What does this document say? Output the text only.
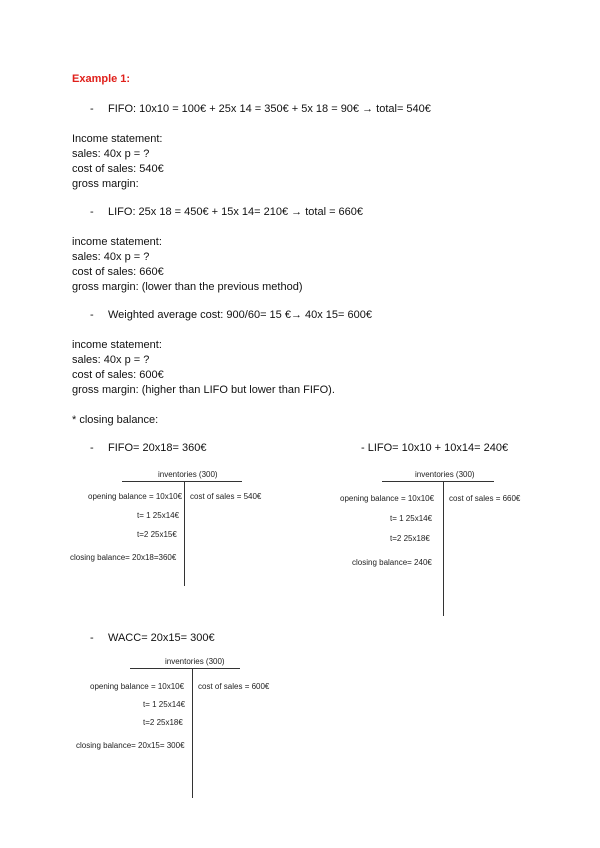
Example 1:
- FIFO: 10x10 = 100€ + 25x 14 = 350€ + 5x 18 = 90€ → total= 540€
Income statement:
sales: 40x p = ?
cost of sales: 540€
gross margin:
- LIFO: 25x 18 = 450€ + 15x 14= 210€ → total = 660€
income statement:
sales: 40x p = ?
cost of sales: 660€
gross margin: (lower than the previous method)
- Weighted average cost: 900/60= 15 €→ 40x 15= 600€
income statement:
sales: 40x p = ?
cost of sales: 600€
gross margin: (higher than LIFO but lower than FIFO).
* closing balance:
- FIFO= 20x18= 360€	- LIFO= 10x10 + 10x14= 240€
inventories (300)
opening balance = 10x10€ cost of sales = 540€
t= 1 25x14€
t=2 25x15€
closing balance= 20x18=360€
inventories (300)
opening balance = 10x10€ cost of sales = 660€
t= 1 25x14€
t=2 25x18€
closing balance= 240€
- WACC= 20x15= 300€
inventories (300)
opening balance = 10x10€ cost of sales = 600€
t= 1 25x14€
t=2 25x18€
closing balance= 20x15= 300€
